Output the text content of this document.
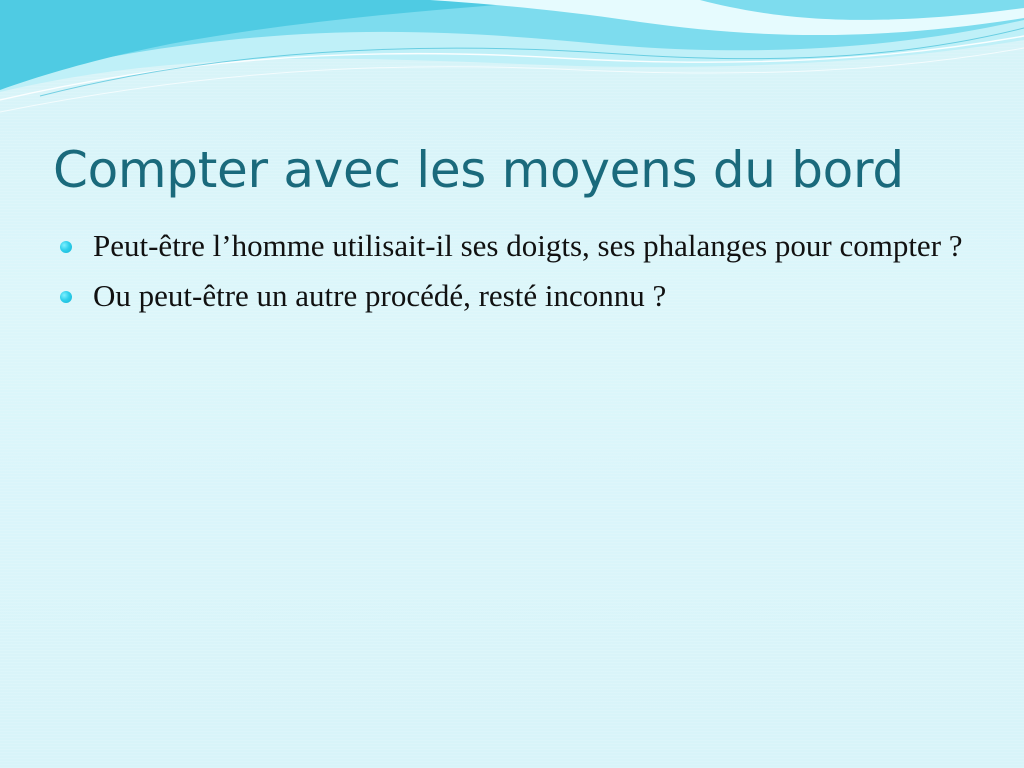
Compter avec les moyens du bord
Peut-être l’homme utilisait-il ses doigts, ses phalanges pour compter ?
Ou peut-être un autre procédé, resté inconnu ?
